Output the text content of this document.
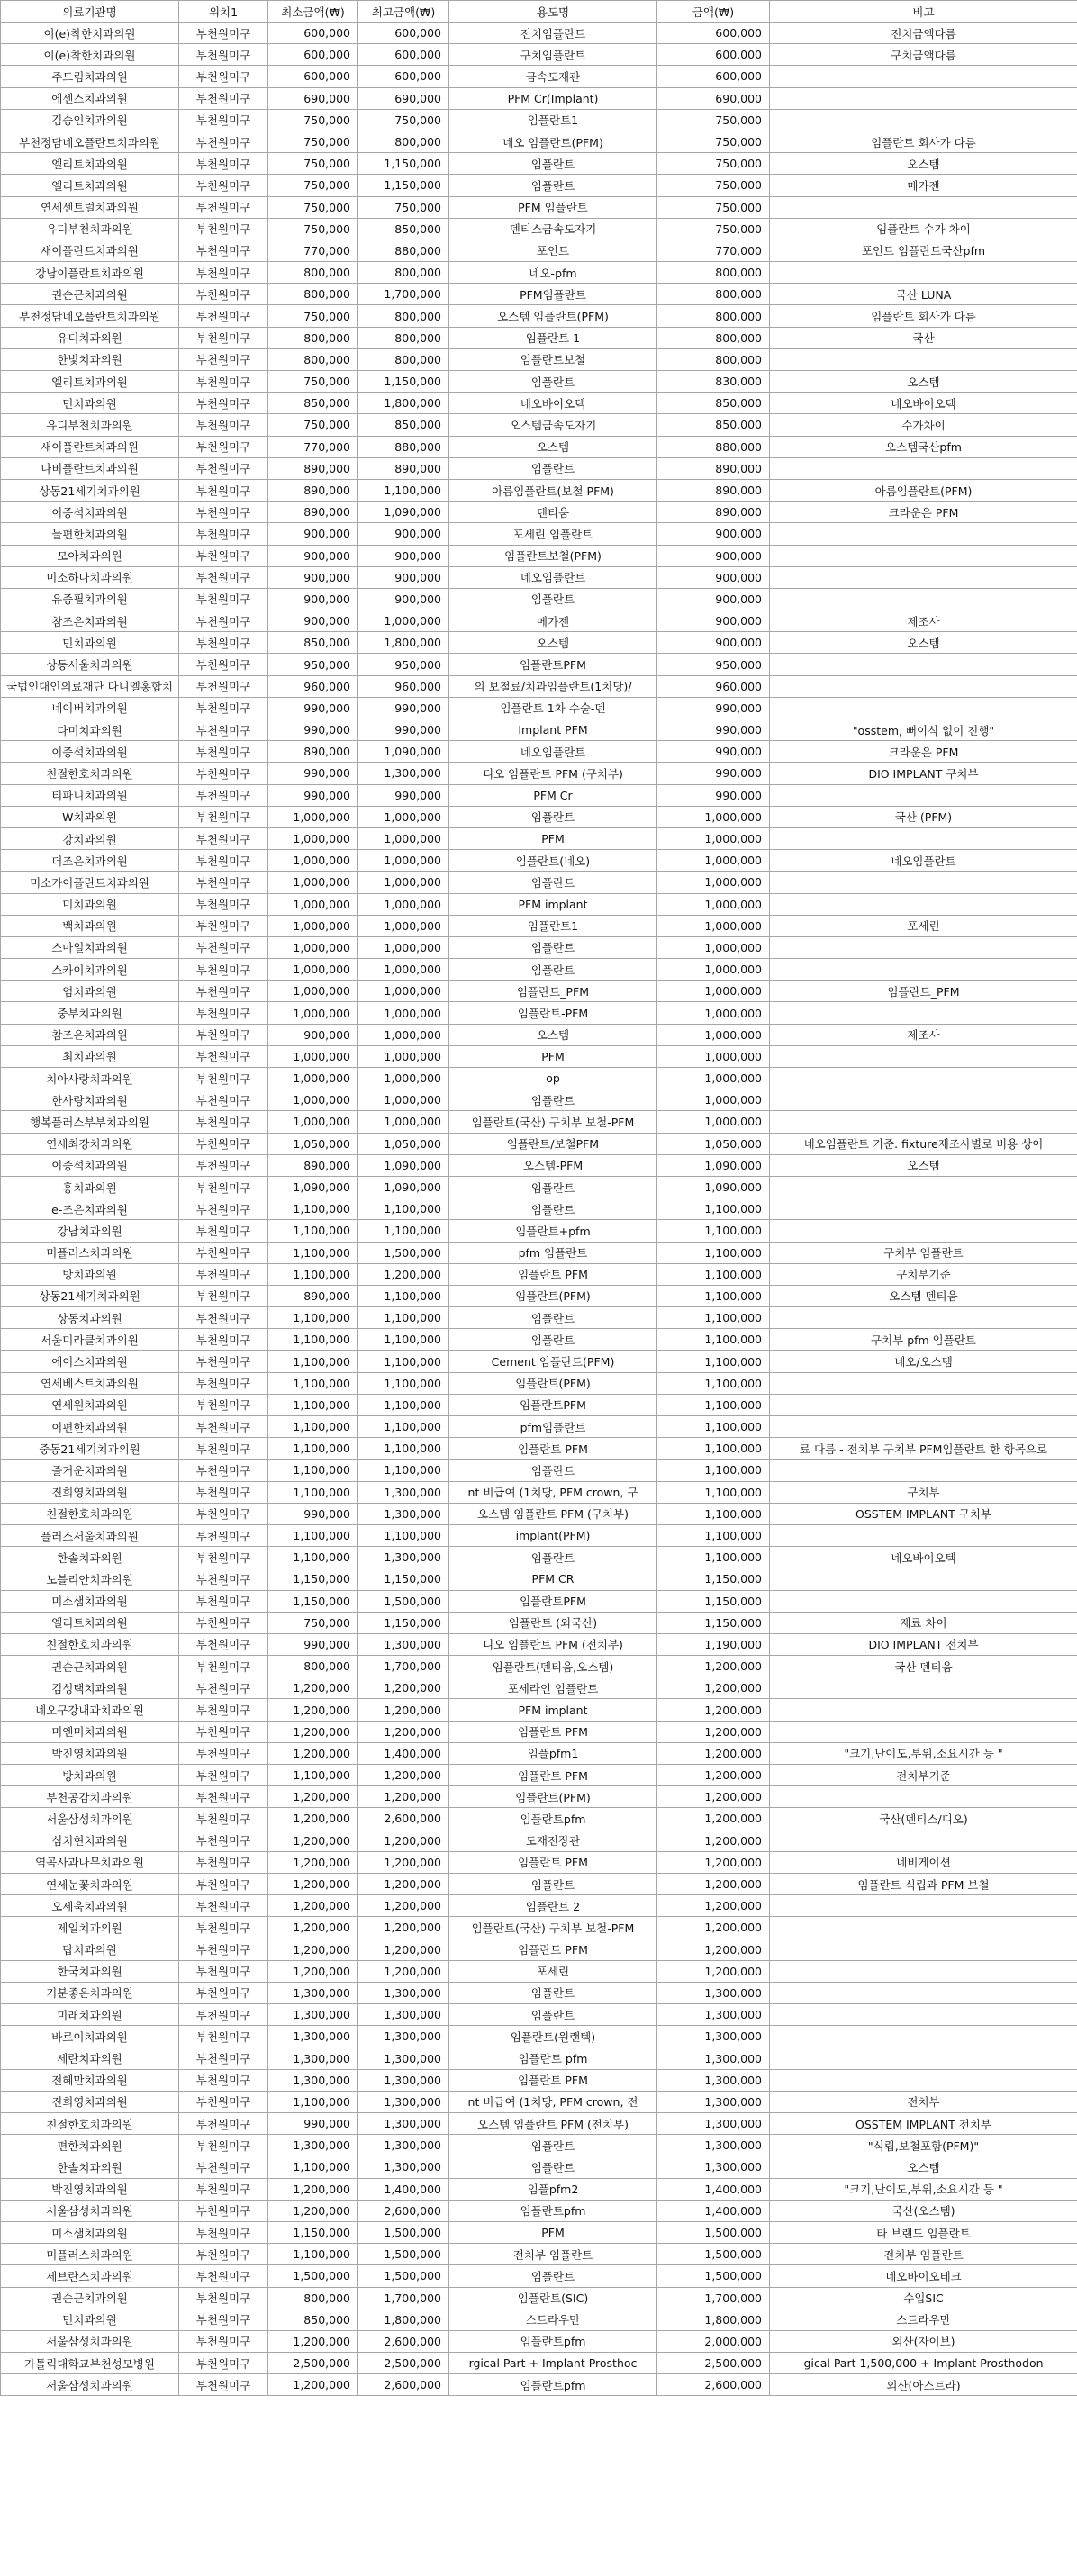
의료기관명	위치1	최소금액(₩)	최고금액(₩)	용도명	금액(₩)	비고
이(e)착한치과의원	부천원미구	600,000	600,000	전치임플란트	600,000	전치금액다름
이(e)착한치과의원	부천원미구	600,000	600,000	구치임플란트	600,000	구치금액다름
주드림치과의원	부천원미구	600,000	600,000	금속도재관	600,000	
에센스치과의원	부천원미구	690,000	690,000	PFM Cr(Implant)	690,000	
김승인치과의원	부천원미구	750,000	750,000	임플란트1	750,000	
부천정담네오플란트치과의원	부천원미구	750,000	800,000	네오 임플란트(PFM)	750,000	임플란트 회사가 다름
엘리트치과의원	부천원미구	750,000	1,150,000	임플란트	750,000	오스템
엘리트치과의원	부천원미구	750,000	1,150,000	임플란트	750,000	메가젠
연세센트럴치과의원	부천원미구	750,000	750,000	PFM 임플란트	750,000	
유디부천치과의원	부천원미구	750,000	850,000	덴티스금속도자기	750,000	임플란트 수가 차이
새이플란트치과의원	부천원미구	770,000	880,000	포인트	770,000	포인트 임플란트국산pfm
강남이플란트치과의원	부천원미구	800,000	800,000	네오-pfm	800,000	
권순근치과의원	부천원미구	800,000	1,700,000	PFM임플란트	800,000	국산 LUNA
부천정담네오플란트치과의원	부천원미구	750,000	800,000	오스템 임플란트(PFM)	800,000	임플란트 회사가 다름
유디치과의원	부천원미구	800,000	800,000	임플란트 1	800,000	국산
한빛치과의원	부천원미구	800,000	800,000	임플란트보철	800,000	
엘리트치과의원	부천원미구	750,000	1,150,000	임플란트	830,000	오스템
민치과의원	부천원미구	850,000	1,800,000	네오바이오텍	850,000	네오바이오텍
유디부천치과의원	부천원미구	750,000	850,000	오스템금속도자기	850,000	수가차이
새이플란트치과의원	부천원미구	770,000	880,000	오스템	880,000	오스템국산pfm
나비플란트치과의원	부천원미구	890,000	890,000	임플란트	890,000	
상동21세기치과의원	부천원미구	890,000	1,100,000	아름임플란트(보철 PFM)	890,000	아름임플란트(PFM)
이종석치과의원	부천원미구	890,000	1,090,000	덴티움	890,000	크라운은 PFM
늘편한치과의원	부천원미구	900,000	900,000	포세린 임플란트	900,000	
모아치과의원	부천원미구	900,000	900,000	임플란트보철(PFM)	900,000	
미소하나치과의원	부천원미구	900,000	900,000	네오임플란트	900,000	
유종필치과의원	부천원미구	900,000	900,000	임플란트	900,000	
참조은치과의원	부천원미구	900,000	1,000,000	메가젠	900,000	제조사
민치과의원	부천원미구	850,000	1,800,000	오스템	900,000	오스템
상동서울치과의원	부천원미구	950,000	950,000	임플란트PFM	950,000	
국법인대인의료재단 다니엘홍합치	부천원미구	960,000	960,000	의 보철료/치과임플란트(1치당)/	960,000	
네이버치과의원	부천원미구	990,000	990,000	임플란트 1차 수술-덴	990,000	
다미치과의원	부천원미구	990,000	990,000	Implant PFM	990,000	"osstem, 뻐이식 없이 진행"
이종석치과의원	부천원미구	890,000	1,090,000	네오임플란트	990,000	크라운은 PFM
친절한호치과의원	부천원미구	990,000	1,300,000	디오 임플란트 PFM (구치부)	990,000	DIO IMPLANT 구치부
티파니치과의원	부천원미구	990,000	990,000	PFM Cr	990,000	
W치과의원	부천원미구	1,000,000	1,000,000	임플란트	1,000,000	국산 (PFM)
강치과의원	부천원미구	1,000,000	1,000,000	PFM	1,000,000	
더조은치과의원	부천원미구	1,000,000	1,000,000	임플란트(네오)	1,000,000	네오임플란트
미소가이플란트치과의원	부천원미구	1,000,000	1,000,000	임플란트	1,000,000	
미치과의원	부천원미구	1,000,000	1,000,000	PFM implant	1,000,000	
백치과의원	부천원미구	1,000,000	1,000,000	임플란트1	1,000,000	포세린
스마일치과의원	부천원미구	1,000,000	1,000,000	임플란트	1,000,000	
스카이치과의원	부천원미구	1,000,000	1,000,000	임플란트	1,000,000	
엄치과의원	부천원미구	1,000,000	1,000,000	임플란트_PFM	1,000,000	임플란트_PFM
중부치과의원	부천원미구	1,000,000	1,000,000	임플란트-PFM	1,000,000	
참조은치과의원	부천원미구	900,000	1,000,000	오스템	1,000,000	제조사
최치과의원	부천원미구	1,000,000	1,000,000	PFM	1,000,000	
치아사랑치과의원	부천원미구	1,000,000	1,000,000	op	1,000,000	
한사랑치과의원	부천원미구	1,000,000	1,000,000	임플란트	1,000,000	
행복플러스부부치과의원	부천원미구	1,000,000	1,000,000	임플란트(국산) 구치부 보철-PFM	1,000,000	
연세최강치과의원	부천원미구	1,050,000	1,050,000	임플란트/보철PFM	1,050,000	네오임플란트 기준. fixture제조사별로 비용 상이
이종석치과의원	부천원미구	890,000	1,090,000	오스템-PFM	1,090,000	오스템
홍치과의원	부천원미구	1,090,000	1,090,000	임플란트	1,090,000	
e-조은치과의원	부천원미구	1,100,000	1,100,000	임플란트	1,100,000	
강남치과의원	부천원미구	1,100,000	1,100,000	임플란트+pfm	1,100,000	
미플러스치과의원	부천원미구	1,100,000	1,500,000	pfm 임플란트	1,100,000	구치부 임플란트
방치과의원	부천원미구	1,100,000	1,200,000	임플란트 PFM	1,100,000	구치부기준
상동21세기치과의원	부천원미구	890,000	1,100,000	임플란트(PFM)	1,100,000	오스템 덴티움
상동치과의원	부천원미구	1,100,000	1,100,000	임플란트	1,100,000	
서울미라클치과의원	부천원미구	1,100,000	1,100,000	임플란트	1,100,000	구치부 pfm 임플란트
에이스치과의원	부천원미구	1,100,000	1,100,000	Cement 임플란트(PFM)	1,100,000	네오/오스템
연세베스트치과의원	부천원미구	1,100,000	1,100,000	임플란트(PFM)	1,100,000	
연세원치과의원	부천원미구	1,100,000	1,100,000	임플란트PFM	1,100,000	
이편한치과의원	부천원미구	1,100,000	1,100,000	pfm임플란트	1,100,000	
중동21세기치과의원	부천원미구	1,100,000	1,100,000	임플란트 PFM	1,100,000	료 다름 - 전치부 구치부 PFM임플란트 한 항목으로
즐거운치과의원	부천원미구	1,100,000	1,100,000	임플란트	1,100,000	
진희영치과의원	부천원미구	1,100,000	1,300,000	nt 비급여 (1치당, PFM crown, 구	1,100,000	구치부
친절한호치과의원	부천원미구	990,000	1,300,000	오스템 임플란트 PFM (구치부)	1,100,000	OSSTEM IMPLANT 구치부
플러스서울치과의원	부천원미구	1,100,000	1,100,000	implant(PFM)	1,100,000	
한솔치과의원	부천원미구	1,100,000	1,300,000	임플란트	1,100,000	네오바이오텍
노블리안치과의원	부천원미구	1,150,000	1,150,000	PFM CR	1,150,000	
미소샘치과의원	부천원미구	1,150,000	1,500,000	임플란트PFM	1,150,000	
엘리트치과의원	부천원미구	750,000	1,150,000	임플란트 (외국산)	1,150,000	재료 차이
친절한호치과의원	부천원미구	990,000	1,300,000	디오 임플란트 PFM (전치부)	1,190,000	DIO IMPLANT 전치부
권순근치과의원	부천원미구	800,000	1,700,000	임플란트(덴티움,오스템)	1,200,000	국산 덴티움
김성택치과의원	부천원미구	1,200,000	1,200,000	포세라인 임플란트	1,200,000	
네오구강내과치과의원	부천원미구	1,200,000	1,200,000	PFM implant	1,200,000	
미엔미치과의원	부천원미구	1,200,000	1,200,000	임플란트 PFM	1,200,000	
박진영치과의원	부천원미구	1,200,000	1,400,000	임플pfm1	1,200,000	"크기,난이도,부위,소요시간 등 "
방치과의원	부천원미구	1,100,000	1,200,000	임플란트 PFM	1,200,000	전치부기준
부천공감치과의원	부천원미구	1,200,000	1,200,000	임플란트(PFM)	1,200,000	
서울삼성치과의원	부천원미구	1,200,000	2,600,000	임플란트pfm	1,200,000	국산(덴티스/디오)
심치현치과의원	부천원미구	1,200,000	1,200,000	도재전장관	1,200,000	
역곡사과나무치과의원	부천원미구	1,200,000	1,200,000	임플란트 PFM	1,200,000	네비게이션
연세눈꽃치과의원	부천원미구	1,200,000	1,200,000	임플란트	1,200,000	임플란트 식립과 PFM 보철
오세욱치과의원	부천원미구	1,200,000	1,200,000	임플란트 2	1,200,000	
제일치과의원	부천원미구	1,200,000	1,200,000	임플란트(국산) 구치부 보철-PFM	1,200,000	
탑치과의원	부천원미구	1,200,000	1,200,000	임플란트 PFM	1,200,000	
한국치과의원	부천원미구	1,200,000	1,200,000	포세린	1,200,000	
기분좋은치과의원	부천원미구	1,300,000	1,300,000	임플란트	1,300,000	
미래치과의원	부천원미구	1,300,000	1,300,000	임플란트	1,300,000	
바로이치과의원	부천원미구	1,300,000	1,300,000	임플란트(원랜텍)	1,300,000	
세란치과의원	부천원미구	1,300,000	1,300,000	임플란트 pfm	1,300,000	
전혜만치과의원	부천원미구	1,300,000	1,300,000	임플란트 PFM	1,300,000	
진희영치과의원	부천원미구	1,100,000	1,300,000	nt 비급여 (1치당, PFM crown, 전	1,300,000	전치부
친절한호치과의원	부천원미구	990,000	1,300,000	오스템 임플란트 PFM (전치부)	1,300,000	OSSTEM IMPLANT 전치부
편한치과의원	부천원미구	1,300,000	1,300,000	임플란트	1,300,000	"식립,보철포함(PFM)"
한솔치과의원	부천원미구	1,100,000	1,300,000	임플란트	1,300,000	오스템
박진영치과의원	부천원미구	1,200,000	1,400,000	임플pfm2	1,400,000	"크기,난이도,부위,소요시간 등 "
서울삼성치과의원	부천원미구	1,200,000	2,600,000	임플란트pfm	1,400,000	국산(오스템)
미소샘치과의원	부천원미구	1,150,000	1,500,000	PFM	1,500,000	타 브랜드 임플란트
미플러스치과의원	부천원미구	1,100,000	1,500,000	전치부 임플란트	1,500,000	전치부 임플란트
세브란스치과의원	부천원미구	1,500,000	1,500,000	임플란트	1,500,000	네오바이오테크
권순근치과의원	부천원미구	800,000	1,700,000	임플란트(SIC)	1,700,000	수입SIC
민치과의원	부천원미구	850,000	1,800,000	스트라우만	1,800,000	스트라우만
서울삼성치과의원	부천원미구	1,200,000	2,600,000	임플란트pfm	2,000,000	외산(자이브)
가톨릭대학교부천성모병원	부천원미구	2,500,000	2,500,000	rgical Part + Implant Prosthoc	2,500,000	gical Part 1,500,000 + Implant Prosthodon
서울삼성치과의원	부천원미구	1,200,000	2,600,000	임플란트pfm	2,600,000	외산(아스트라)
